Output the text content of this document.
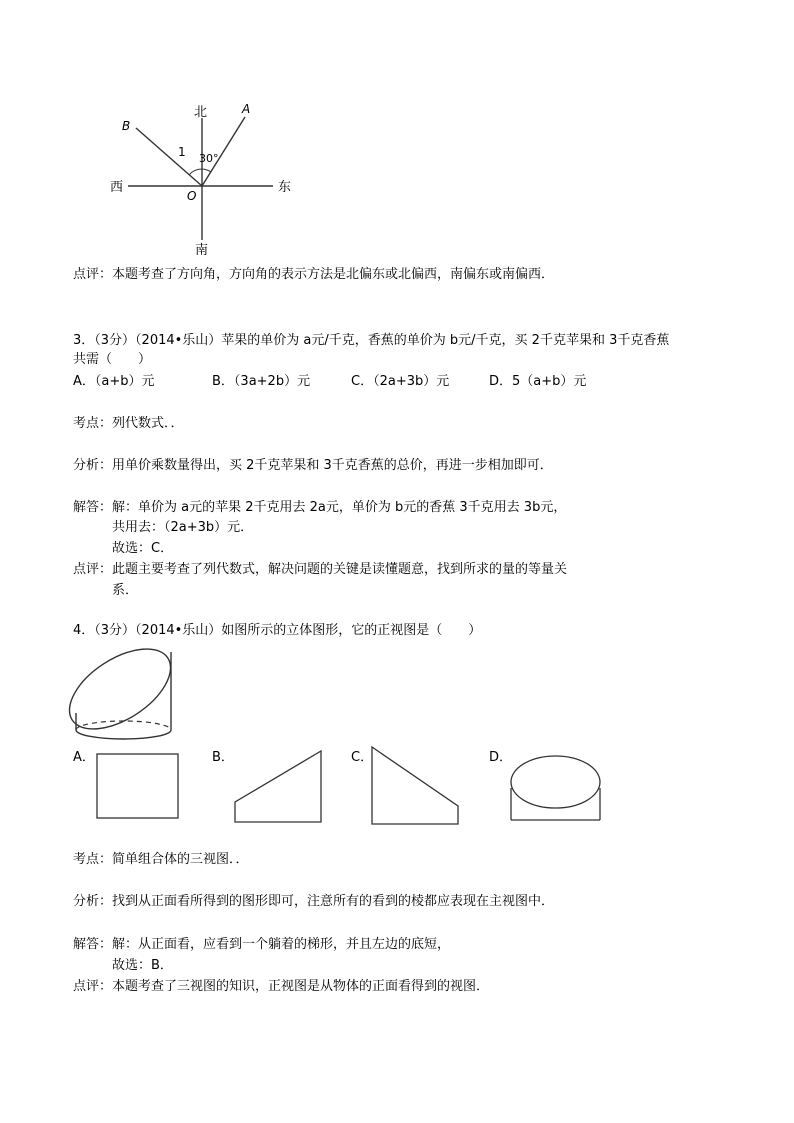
北
南
西	东
A
B
O
1 30°
点评：本题考查了方向角，方向角的表示方法是北偏东或北偏西，南偏东或南偏西．
3．（3分）（2014•乐山）苹果的单价为 a元/千克，香蕉的单价为 b元/千克，买 2千克苹果和 3千克香蕉
共需（　　）
A．（a+b）元	B．（3a+2b）元	C．（2a+3b）元	D．5（a+b）元
考点：列代数式．．
分析：用单价乘数量得出，买 2千克苹果和 3千克香蕉的总价，再进一步相加即可．
解答：解：单价为 a元的苹果 2千克用去 2a元，单价为 b元的香蕉 3千克用去 3b元，
共用去：（2a+3b）元．
故选：C．
点评：此题主要考查了列代数式，解决问题的关键是读懂题意，找到所求的量的等量关
系．
4．（3分）（2014•乐山）如图所示的立体图形，它的正视图是（　　）
A．	B．	C．	D．
考点：简单组合体的三视图．．
分析：找到从正面看所得到的图形即可，注意所有的看到的棱都应表现在主视图中．
解答：解：从正面看，应看到一个躺着的梯形，并且左边的底短，
故选：B．
点评：本题考查了三视图的知识，正视图是从物体的正面看得到的视图．
